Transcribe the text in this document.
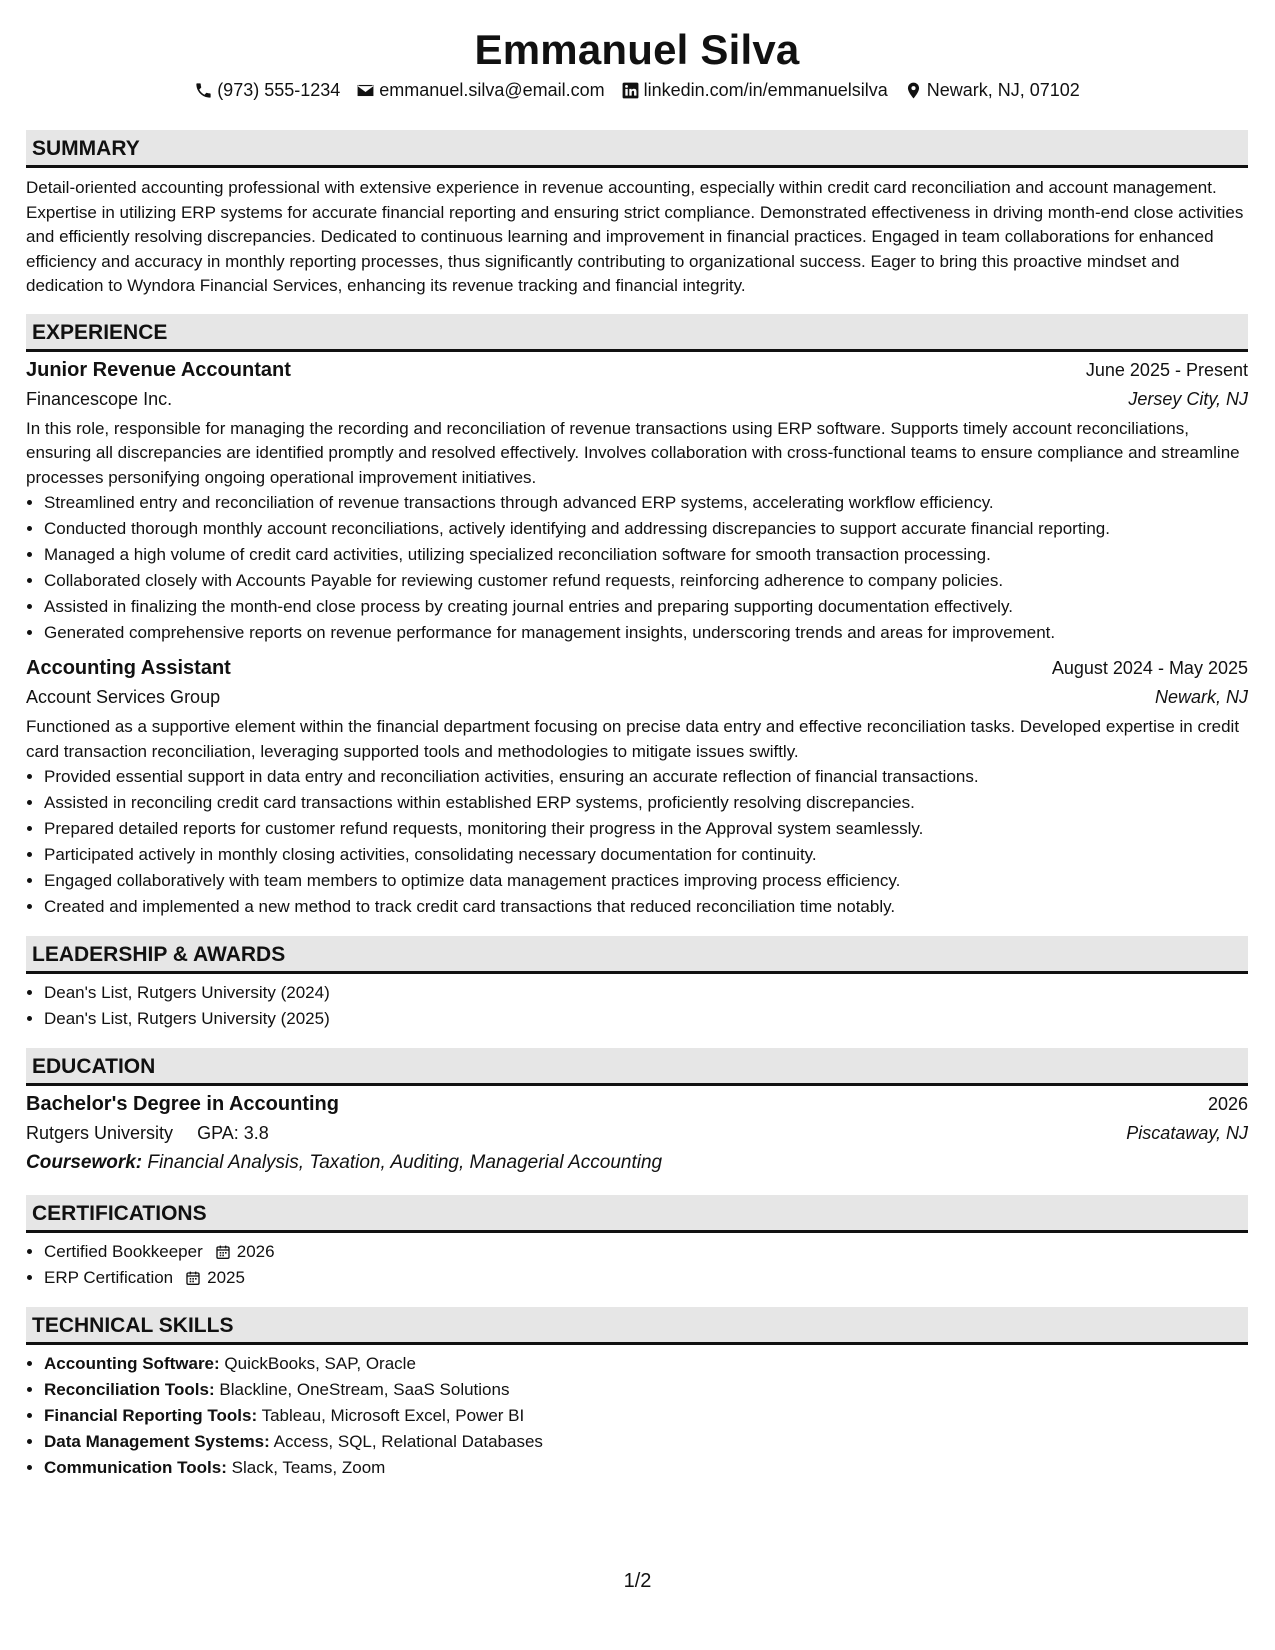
Emmanuel Silva
(973) 555-1234 emmanuel.silva@email.com linkedin.com/in/emmanuelsilva Newark, NJ, 07102
SUMMARY

Detail-oriented accounting professional with extensive experience in revenue accounting, especially within credit card reconciliation and account management. Expertise in utilizing ERP systems for accurate financial reporting and ensuring strict compliance. Demonstrated effectiveness in driving month-end close activities and efficiently resolving discrepancies. Dedicated to continuous learning and improvement in financial practices. Engaged in team collaborations for enhanced efficiency and accuracy in monthly reporting processes, thus significantly contributing to organizational success. Eager to bring this proactive mindset and dedication to Wyndora Financial Services, enhancing its revenue tracking and financial integrity.

EXPERIENCE
Junior Revenue Accountant	June 2025 - Present
Financescope Inc.	Jersey City, NJ

In this role, responsible for managing the recording and reconciliation of revenue transactions using ERP software. Supports timely account reconciliations, ensuring all discrepancies are identified promptly and resolved effectively. Involves collaboration with cross-functional teams to ensure compliance and streamline processes personifying ongoing operational improvement initiatives.

• Streamlined entry and reconciliation of revenue transactions through advanced ERP systems, accelerating workflow efficiency.
• Conducted thorough monthly account reconciliations, actively identifying and addressing discrepancies to support accurate financial reporting.
• Managed a high volume of credit card activities, utilizing specialized reconciliation software for smooth transaction processing.
• Collaborated closely with Accounts Payable for reviewing customer refund requests, reinforcing adherence to company policies.
• Assisted in finalizing the month-end close process by creating journal entries and preparing supporting documentation effectively.
• Generated comprehensive reports on revenue performance for management insights, underscoring trends and areas for improvement.
Accounting Assistant	August 2024 - May 2025
Account Services Group	Newark, NJ

Functioned as a supportive element within the financial department focusing on precise data entry and effective reconciliation tasks. Developed expertise in credit card transaction reconciliation, leveraging supported tools and methodologies to mitigate issues swiftly.

• Provided essential support in data entry and reconciliation activities, ensuring an accurate reflection of financial transactions.
• Assisted in reconciling credit card transactions within established ERP systems, proficiently resolving discrepancies.
• Prepared detailed reports for customer refund requests, monitoring their progress in the Approval system seamlessly.
• Participated actively in monthly closing activities, consolidating necessary documentation for continuity.
• Engaged collaboratively with team members to optimize data management practices improving process efficiency.
• Created and implemented a new method to track credit card transactions that reduced reconciliation time notably.
LEADERSHIP & AWARDS
• Dean's List, Rutgers University (2024)
• Dean's List, Rutgers University (2025)
EDUCATION
Bachelor's Degree in Accounting	2026
Rutgers University GPA: 3.8	Piscataway, NJ
Coursework: Financial Analysis, Taxation, Auditing, Managerial Accounting
CERTIFICATIONS
• Certified Bookkeeper 2026
• ERP Certification 2025
TECHNICAL SKILLS
• Accounting Software: QuickBooks, SAP, Oracle
• Reconciliation Tools: Blackline, OneStream, SaaS Solutions
• Financial Reporting Tools: Tableau, Microsoft Excel, Power BI
• Data Management Systems: Access, SQL, Relational Databases
• Communication Tools: Slack, Teams, Zoom
1/2
